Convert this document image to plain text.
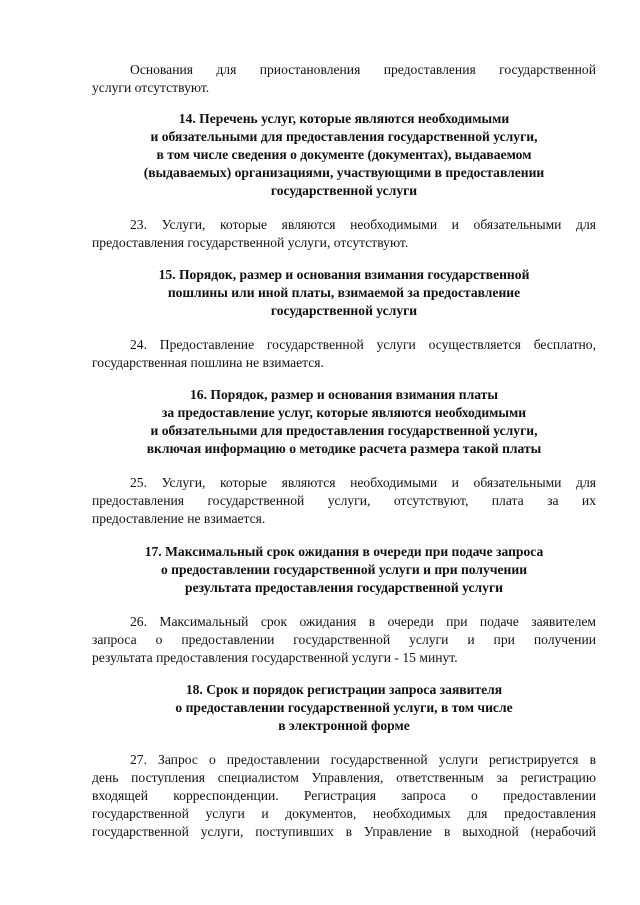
Основания для приостановления предоставления государственной
услуги отсутствуют.
14. Перечень услуг, которые являются необходимыми
и обязательными для предоставления государственной услуги,
в том числе сведения о документе (документах), выдаваемом
(выдаваемых) организациями, участвующими в предоставлении
государственной услуги
23. Услуги, которые являются необходимыми и обязательными для
предоставления государственной услуги, отсутствуют.
15. Порядок, размер и основания взимания государственной
пошлины или иной платы, взимаемой за предоставление
государственной услуги
24. Предоставление государственной услуги осуществляется бесплатно,
государственная пошлина не взимается.
16. Порядок, размер и основания взимания платы
за предоставление услуг, которые являются необходимыми
и обязательными для предоставления государственной услуги,
включая информацию о методике расчета размера такой платы
25. Услуги, которые являются необходимыми и обязательными для
предоставления государственной услуги, отсутствуют, плата за их
предоставление не взимается.
17. Максимальный срок ожидания в очереди при подаче запроса
о предоставлении государственной услуги и при получении
результата предоставления государственной услуги
26. Максимальный срок ожидания в очереди при подаче заявителем
запроса о предоставлении государственной услуги и при получении
результата предоставления государственной услуги - 15 минут.
18. Срок и порядок регистрации запроса заявителя
о предоставлении государственной услуги, в том числе
в электронной форме
27. Запрос о предоставлении государственной услуги регистрируется в
день поступления специалистом Управления, ответственным за регистрацию
входящей корреспонденции. Регистрация запроса о предоставлении
государственной услуги и документов, необходимых для предоставления
государственной услуги, поступивших в Управление в выходной (нерабочий
